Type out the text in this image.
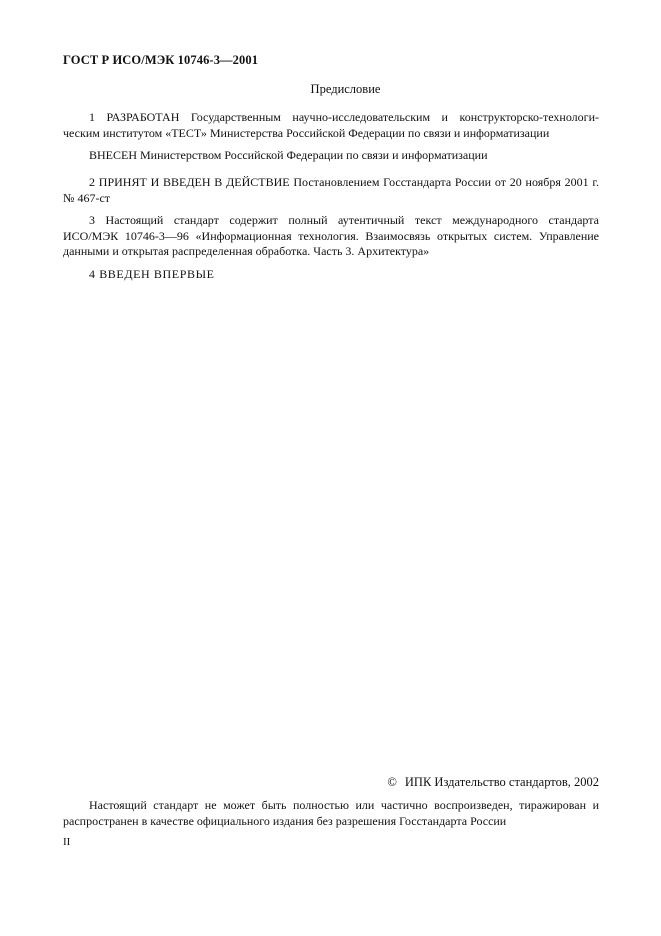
ГОСТ Р ИСО/МЭК 10746-3—2001
Предисловие
1 РАЗРАБОТАН Государственным научно-исследовательским и конструкторско-технологи-
ческим институтом «ТЕСТ» Министерства Российской Федерации по связи и информатизации
ВНЕСЕН Министерством Российской Федерации по связи и информатизации
2 ПРИНЯТ И ВВЕДЕН В ДЕЙСТВИЕ Постановлением Госстандарта России от 20 ноября 2001 г.
№ 467-ст
3 Настоящий стандарт содержит полный аутентичный текст международного стандарта
ИСО/МЭК 10746-3—96 «Информационная технология. Взаимосвязь открытых систем. Управление
данными и открытая распределенная обработка. Часть 3. Архитектура»
4 ВВЕДЕН ВПЕРВЫЕ
© ИПК Издательство стандартов, 2002
Настоящий стандарт не может быть полностью или частично воспроизведен, тиражирован и
распространен в качестве официального издания без разрешения Госстандарта России
II
